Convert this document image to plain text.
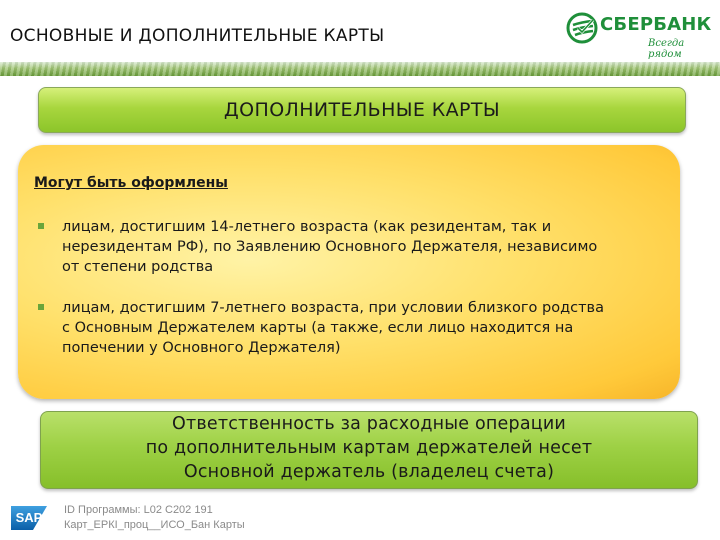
ОСНОВНЫЕ И ДОПОЛНИТЕЛЬНЫЕ КАРТЫ
СБЕРБАНК
Всегда рядом
ДОПОЛНИТЕЛЬНЫЕ КАРТЫ
Могут быть оформлены
лицам, достигшим 14-летнего возраста (как резидентам, так и
нерезидентам РФ), по Заявлению Основного Держателя, независимо
от степени родства
лицам, достигшим 7-летнего возраста, при условии близкого родства
с Основным Держателем карты (а также, если лицо находится на
попечении у Основного Держателя)
Ответственность за расходные операции
по дополнительным картам держателей несет
Основной держатель (владелец счета)
SAP	ID Программы: L02 C202 191
Карт_ЕРКI_проц__ИСО_Бан Карты
